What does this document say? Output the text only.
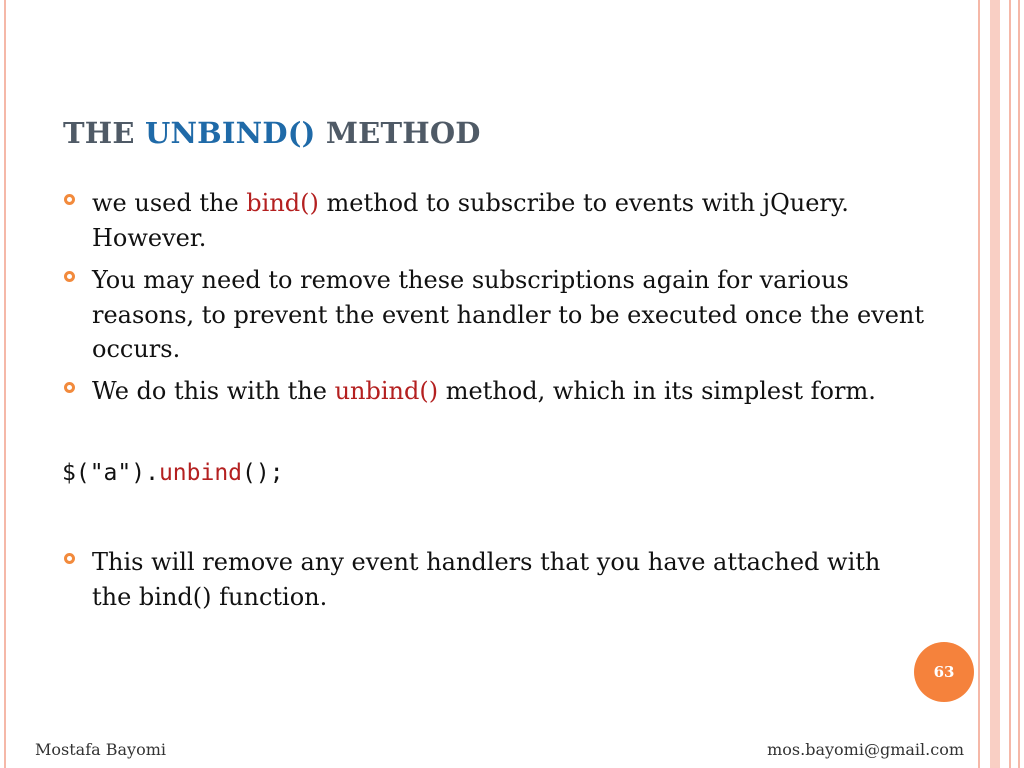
THE UNBIND() METHOD
we used the bind() method to subscribe to events with jQuery.
However.
You may need to remove these subscriptions again for various
reasons, to prevent the event handler to be executed once the event
occurs.
We do this with the unbind() method, which in its simplest form.
This will remove any event handlers that you have attached with
the bind() function.
$("a").unbind();
63
Mostafa Bayomi	mos.bayomi@gmail.com
